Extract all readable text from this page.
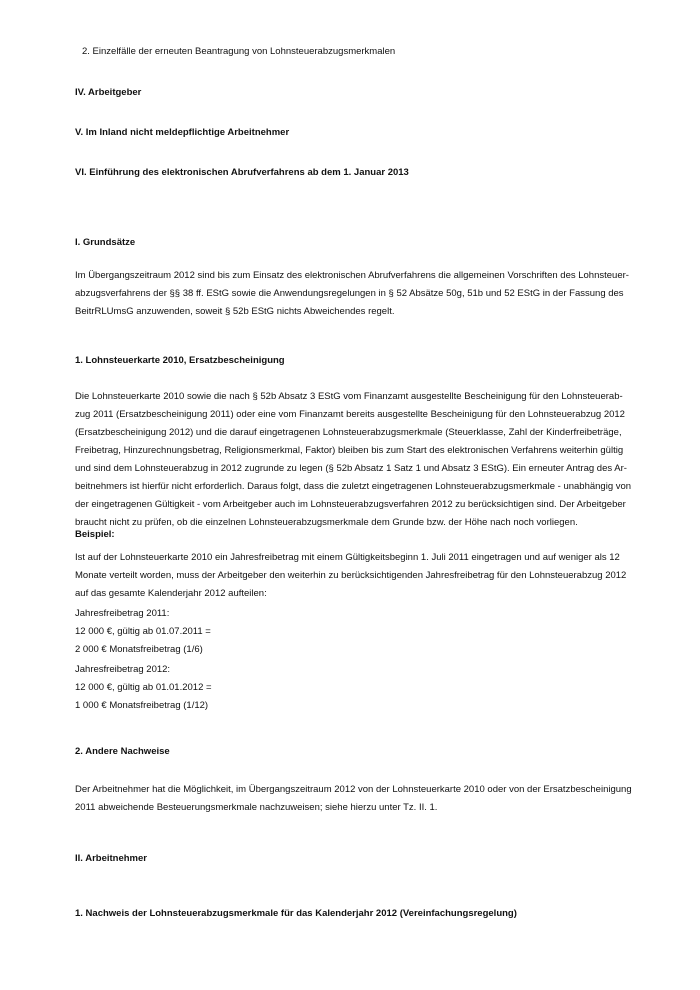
2. Einzelfälle der erneuten Beantragung von Lohnsteuerabzugsmerkmalen
IV. Arbeitgeber
V. Im Inland nicht meldepflichtige Arbeitnehmer
VI. Einführung des elektronischen Abrufverfahrens ab dem 1. Januar 2013
I. Grundsätze
Im Übergangszeitraum 2012 sind bis zum Einsatz des elektronischen Abrufverfahrens die allgemeinen Vorschriften des Lohnsteuer-
abzugsverfahrens der §§ 38 ff. EStG sowie die Anwendungsregelungen in § 52 Absätze 50g, 51b und 52 EStG in der Fassung des
BeitrRLUmsG anzuwenden, soweit § 52b EStG nichts Abweichendes regelt.
1. Lohnsteuerkarte 2010, Ersatzbescheinigung
Die Lohnsteuerkarte 2010 sowie die nach § 52b Absatz 3 EStG vom Finanzamt ausgestellte Bescheinigung für den Lohnsteuerab-
zug 2011 (Ersatzbescheinigung 2011) oder eine vom Finanzamt bereits ausgestellte Bescheinigung für den Lohnsteuerabzug 2012
(Ersatzbescheinigung 2012) und die darauf eingetragenen Lohnsteuerabzugsmerkmale (Steuerklasse, Zahl der Kinderfreibeträge,
Freibetrag, Hinzurechnungsbetrag, Religionsmerkmal, Faktor) bleiben bis zum Start des elektronischen Verfahrens weiterhin gültig
und sind dem Lohnsteuerabzug in 2012 zugrunde zu legen (§ 52b Absatz 1 Satz 1 und Absatz 3 EStG). Ein erneuter Antrag des Ar-
beitnehmers ist hierfür nicht erforderlich. Daraus folgt, dass die zuletzt eingetragenen Lohnsteuerabzugsmerkmale - unabhängig von
der eingetragenen Gültigkeit - vom Arbeitgeber auch im Lohnsteuerabzugsverfahren 2012 zu berücksichtigen sind. Der Arbeitgeber
braucht nicht zu prüfen, ob die einzelnen Lohnsteuerabzugsmerkmale dem Grunde bzw. der Höhe nach noch vorliegen.
Beispiel:
Ist auf der Lohnsteuerkarte 2010 ein Jahresfreibetrag mit einem Gültigkeitsbeginn 1. Juli 2011 eingetragen und auf weniger als 12
Monate verteilt worden, muss der Arbeitgeber den weiterhin zu berücksichtigenden Jahresfreibetrag für den Lohnsteuerabzug 2012
auf das gesamte Kalenderjahr 2012 aufteilen:
Jahresfreibetrag 2011:
12 000 €, gültig ab 01.07.2011 =
2 000 € Monatsfreibetrag (1/6)
Jahresfreibetrag 2012:
12 000 €, gültig ab 01.01.2012 =
1 000 € Monatsfreibetrag (1/12)
2. Andere Nachweise
Der Arbeitnehmer hat die Möglichkeit, im Übergangszeitraum 2012 von der Lohnsteuerkarte 2010 oder von der Ersatzbescheinigung
2011 abweichende Besteuerungsmerkmale nachzuweisen; siehe hierzu unter Tz. II. 1.
II. Arbeitnehmer
1. Nachweis der Lohnsteuerabzugsmerkmale für das Kalenderjahr 2012 (Vereinfachungsregelung)
